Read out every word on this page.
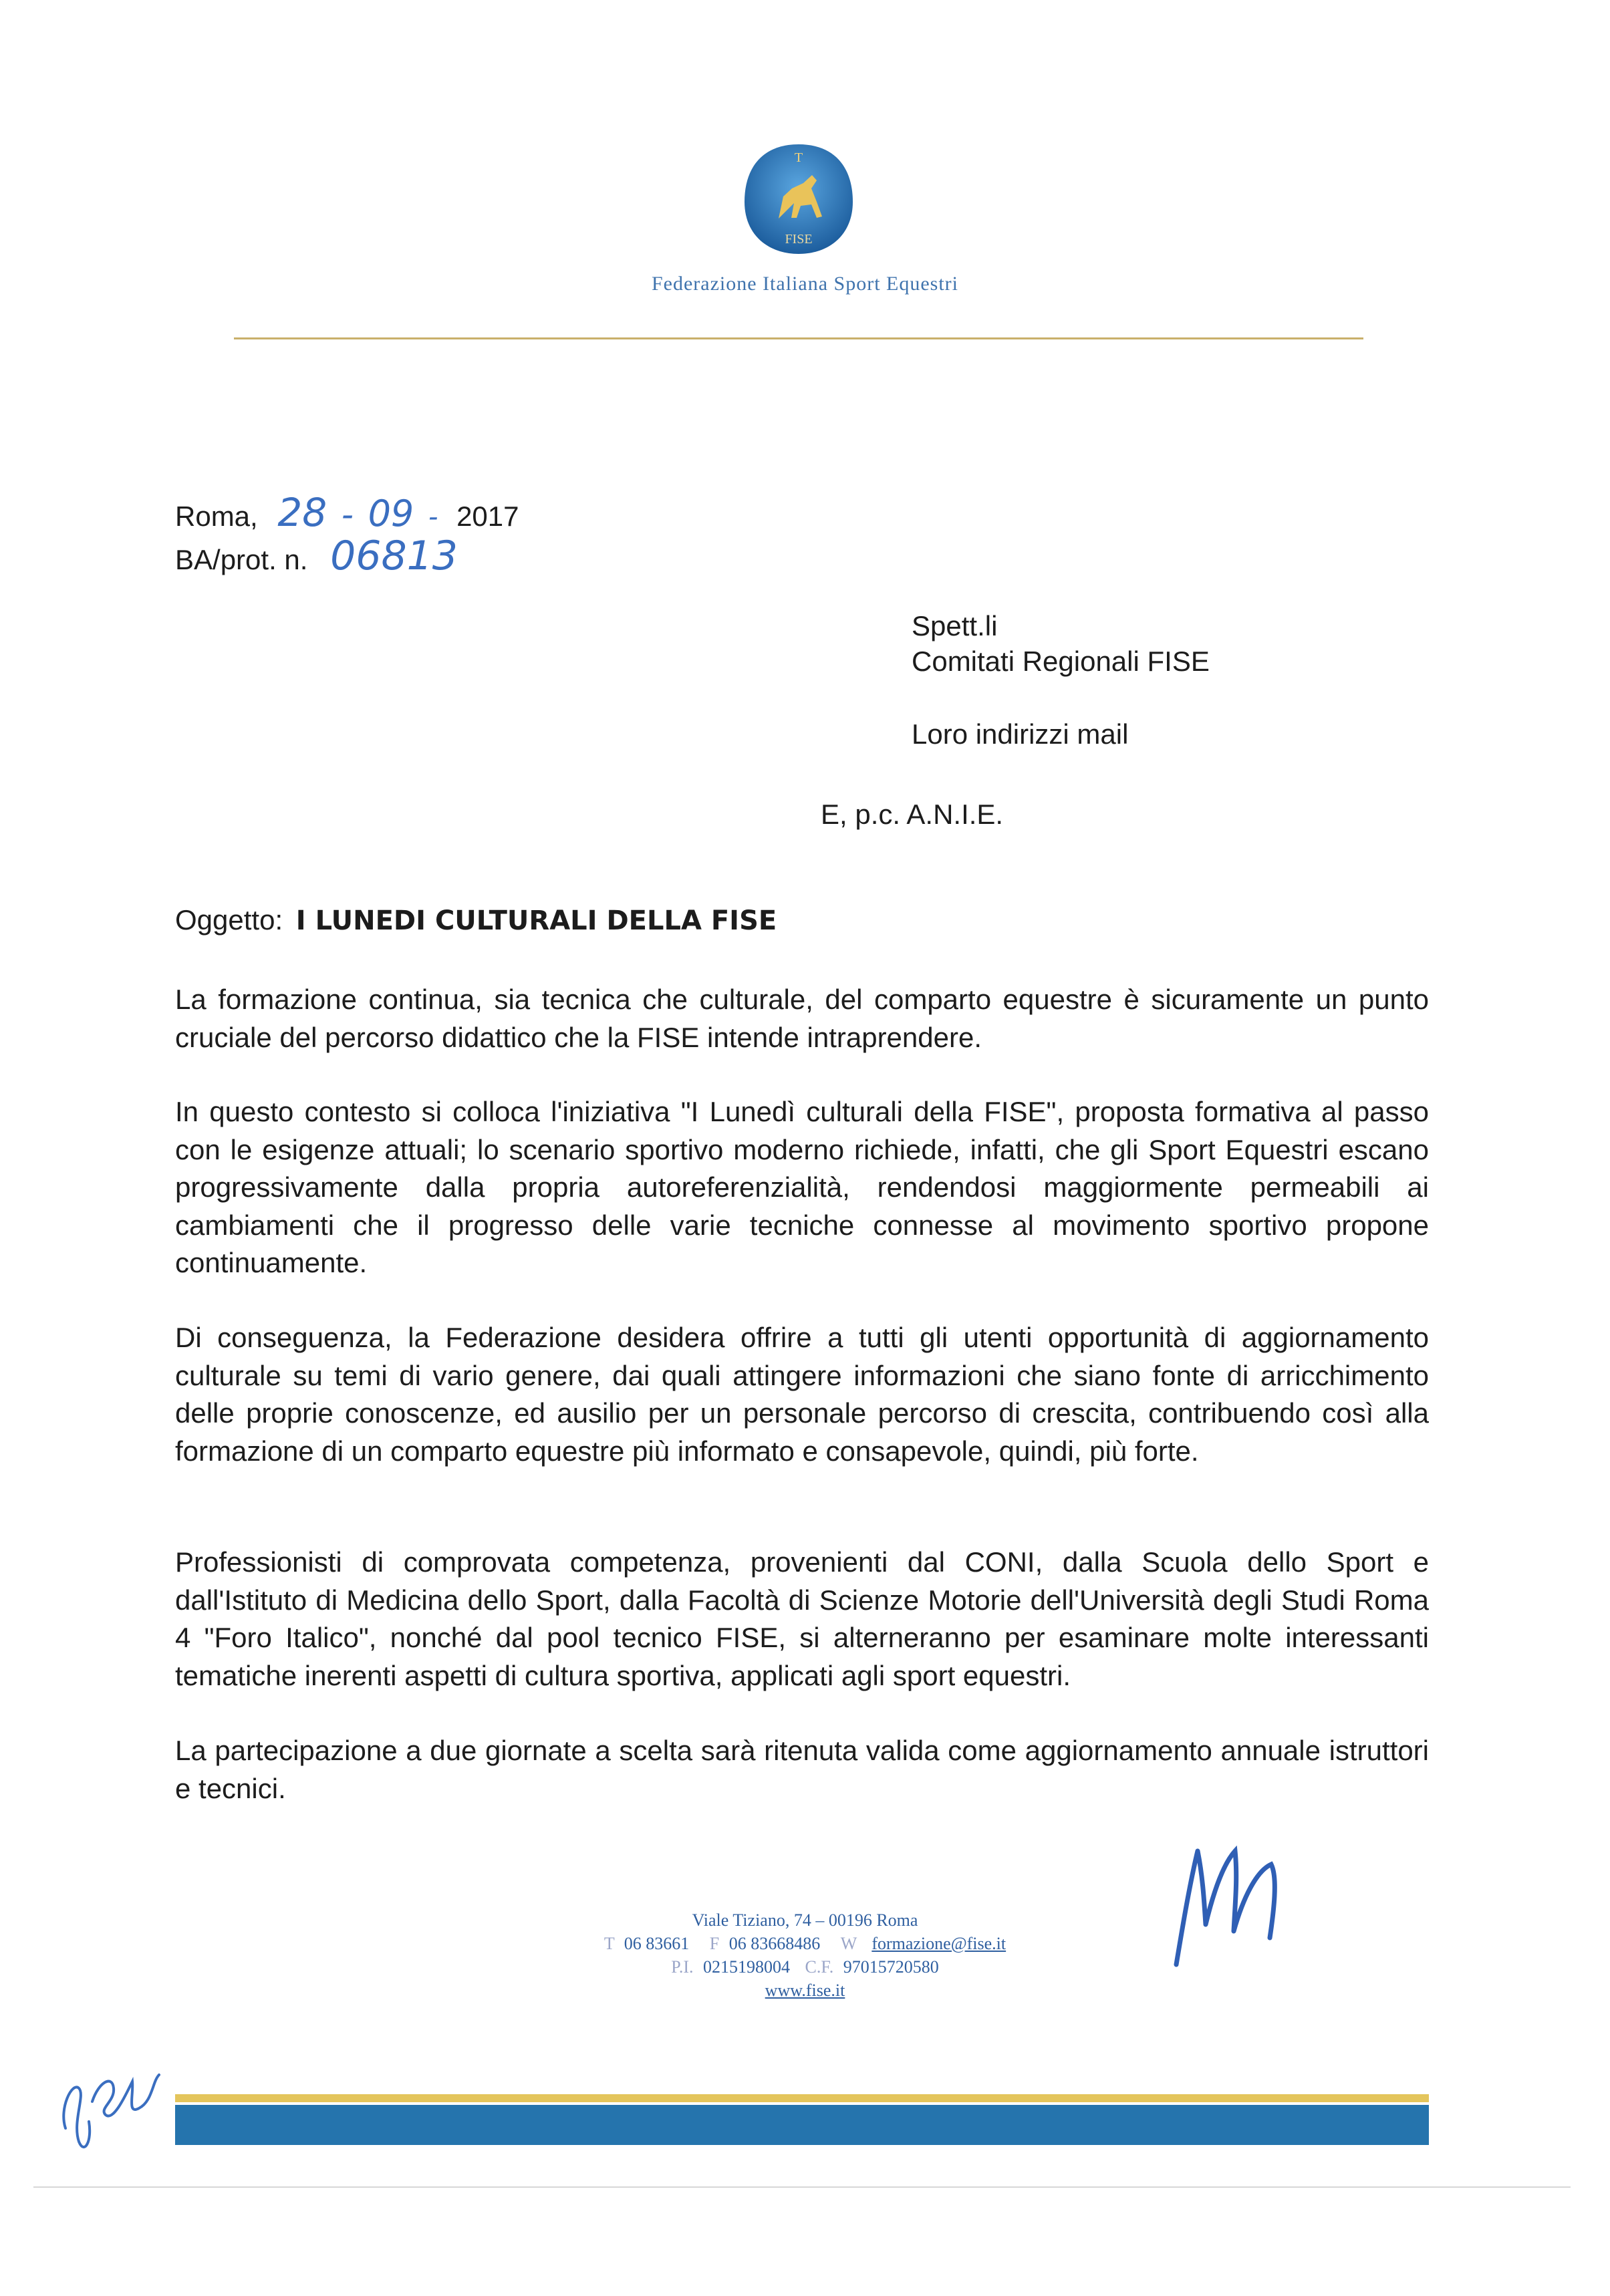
T
FISE
Federazione Italiana Sport Equestri
Roma, 28 - 09 - 2017
BA/prot. n. 06813
Spett.li
Comitati Regionali FISE
Loro indirizzi mail
E, p.c. A.N.I.E.
Oggetto: I LUNEDI CULTURALI DELLA FISE
La formazione continua, sia tecnica che culturale, del comparto equestre è sicuramente un punto cruciale del percorso didattico che la FISE intende intraprendere.
In questo contesto si colloca l'iniziativa "I Lunedì culturali della FISE", proposta formativa al passo con le esigenze attuali; lo scenario sportivo moderno richiede, infatti, che gli Sport Equestri escano progressivamente dalla propria autoreferenzialità, rendendosi maggiormente permeabili ai cambiamenti che il progresso delle varie tecniche connesse al movimento sportivo propone continuamente.
Di conseguenza, la Federazione desidera offrire a tutti gli utenti opportunità di aggiornamento culturale su temi di vario genere, dai quali attingere informazioni che siano fonte di arricchimento delle proprie conoscenze, ed ausilio per un personale percorso di crescita, contribuendo così alla formazione di un comparto equestre più informato e consapevole, quindi, più forte.
Professionisti di comprovata competenza, provenienti dal CONI, dalla Scuola dello Sport e dall'Istituto di Medicina dello Sport, dalla Facoltà di Scienze Motorie dell'Università degli Studi Roma 4 "Foro Italico", nonché dal pool tecnico FISE, si alterneranno per esaminare molte interessanti tematiche inerenti aspetti di cultura sportiva, applicati agli sport equestri.
La partecipazione a due giornate a scelta sarà ritenuta valida come aggiornamento annuale istruttori e tecnici.
Viale Tiziano, 74 – 00196 Roma
T 06 83661 F 06 83668486 W formazione@fise.it
P.I. 0215198004 C.F. 97015720580
www.fise.it
